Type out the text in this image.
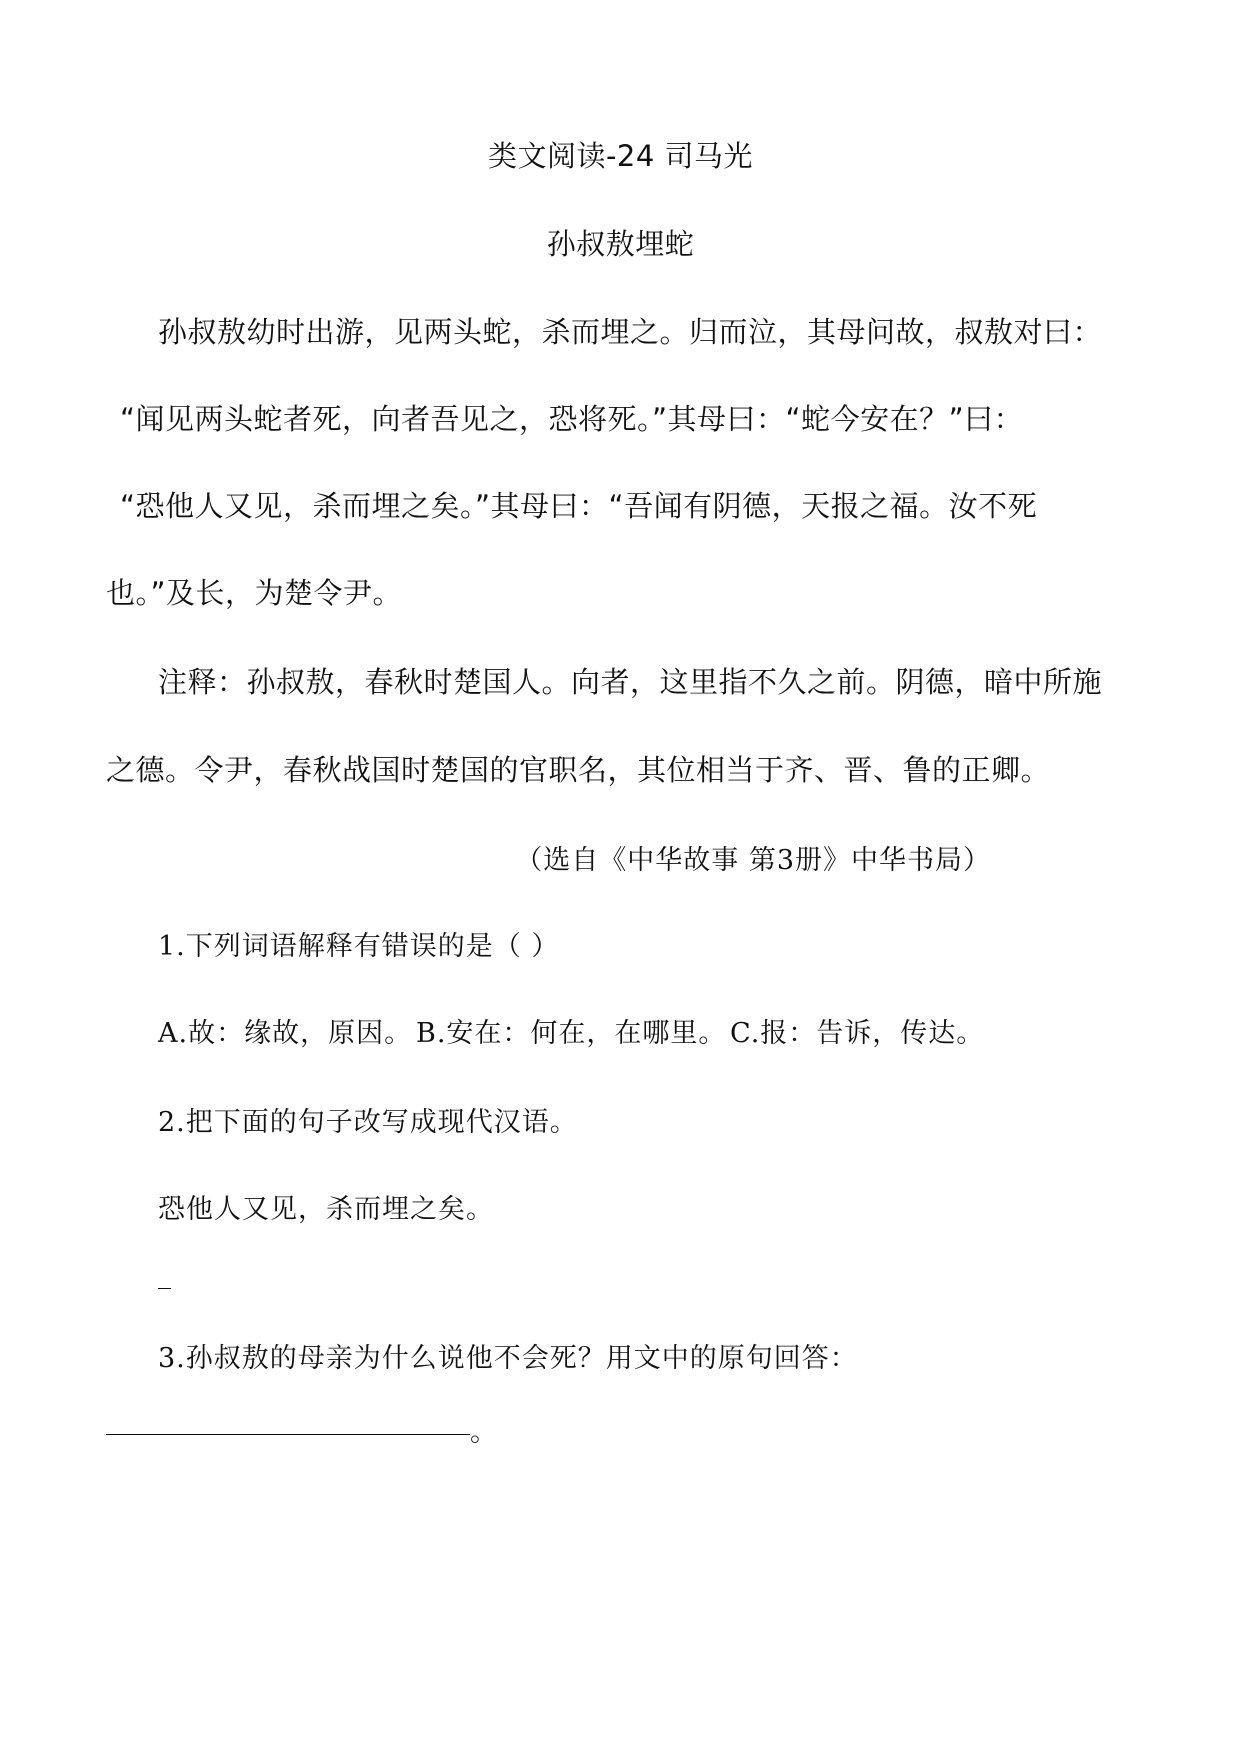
类文阅读-24 司马光
孙叔敖埋蛇
孙叔敖幼时出游，见两头蛇，杀而埋之。归而泣，其母问故，叔敖对曰：
“闻见两头蛇者死，向者吾见之，恐将死。”其母曰：“蛇今安在？”曰：
“恐他人又见，杀而埋之矣。”其母曰：“吾闻有阴德，天报之福。汝不死
也。”及长，为楚令尹。
注释：孙叔敖，春秋时楚国人。向者，这里指不久之前。阴德，暗中所施
之德。令尹，春秋战国时楚国的官职名，其位相当于齐、晋、鲁的正卿。
（选自《中华故事 第3册》中华书局）
1.下列词语解释有错误的是（ ）
A.故：缘故，原因。 B.安在：何在，在哪里。 C.报：告诉，传达。
2.把下面的句子改写成现代汉语。
恐他人又见，杀而埋之矣。
3.孙叔敖的母亲为什么说他不会死？用文中的原句回答：
。
